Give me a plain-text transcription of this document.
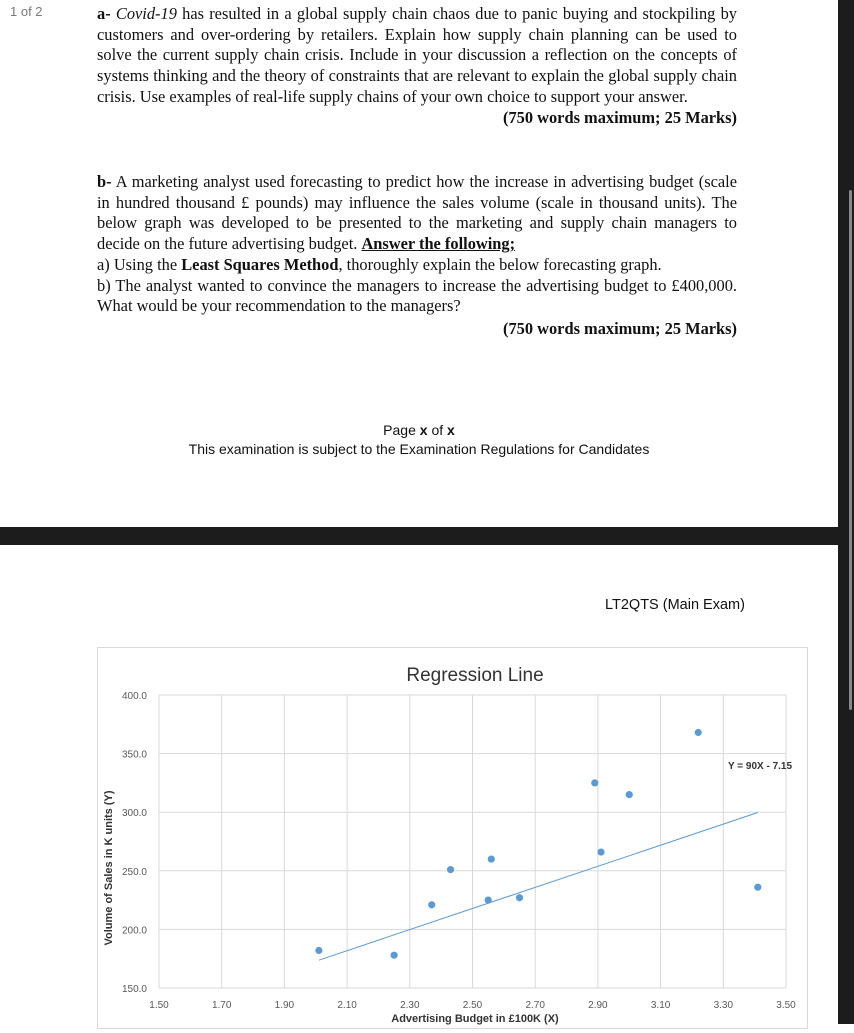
a- Covid-19 has resulted in a global supply chain chaos due to panic buying and stockpiling by customers and over-ordering by retailers. Explain how supply chain planning can be used to solve the current supply chain crisis. Include in your discussion a reflection on the concepts of systems thinking and the theory of constraints that are relevant to explain the global supply chain crisis. Use examples of real-life supply chains of your own choice to support your answer.
(750 words maximum; 25 Marks)
b- A marketing analyst used forecasting to predict how the increase in advertising budget (scale in hundred thousand £ pounds) may influence the sales volume (scale in thousand units). The below graph was developed to be presented to the marketing and supply chain managers to decide on the future advertising budget. Answer the following;
a) Using the Least Squares Method, thoroughly explain the below forecasting graph.
b) The analyst wanted to convince the managers to increase the advertising budget to £400,000. What would be your recommendation to the managers?
(750 words maximum; 25 Marks)
Page x of x
This examination is subject to the Examination Regulations for Candidates
1 of 2
LT2QTS (Main Exam)
1.50	1.70	1.90	2.10	2.30	2.50	2.70	2.90	3.10	3.30	3.50
150.0
200.0
250.0
300.0
350.0
400.0
Regression Line
Advertising Budget in £100K (X)
Volume of Sales in K units (Y)
Y = 90X - 7.15
